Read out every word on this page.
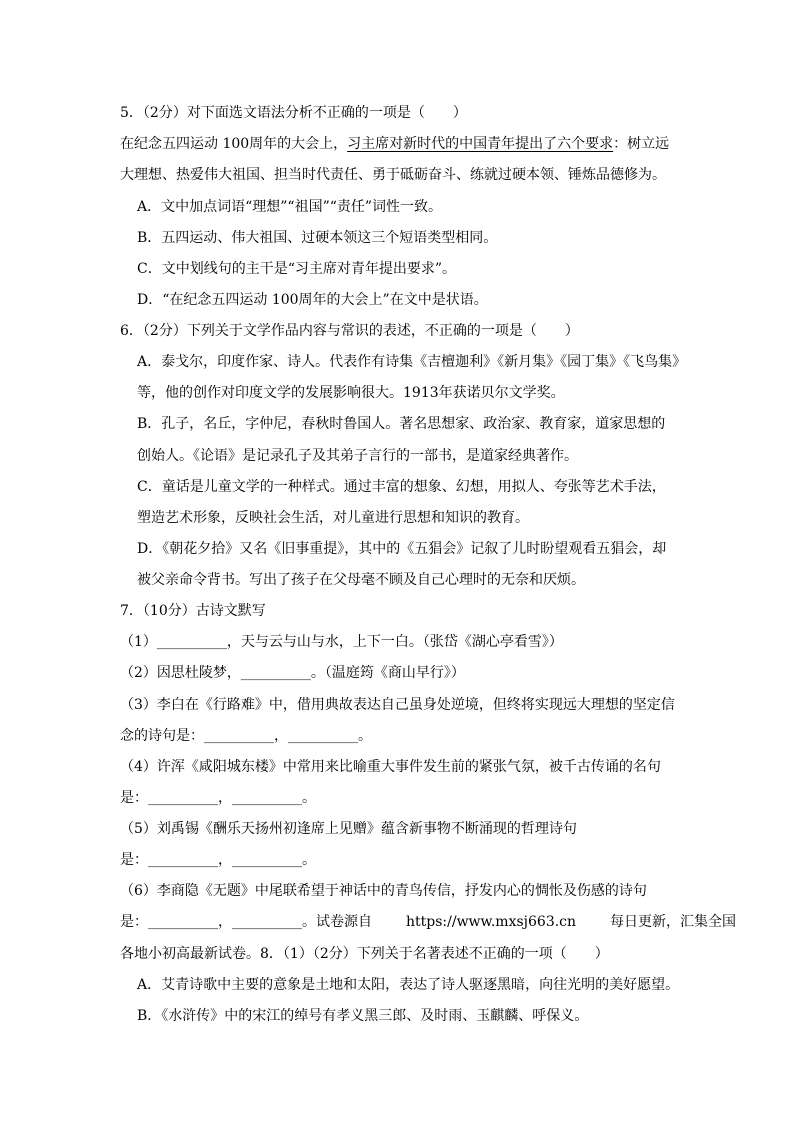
5．（2分）对下面选文语法分析不正确的一项是（　　）
在纪念五四运动 100周年的大会上，习主席对新时代的中国青年提出了六个要求：树立远
大理想、热爱伟大祖国、担当时代责任、勇于砥砺奋斗、练就过硬本领、锤炼品德修为。
A．文中加点词语“理想”“祖国”“责任”词性一致。
B．五四运动、伟大祖国、过硬本领这三个短语类型相同。
C．文中划线句的主干是“习主席对青年提出要求”。
D．“在纪念五四运动 100周年的大会上”在文中是状语。
6．（2分）下列关于文学作品内容与常识的表述，不正确的一项是（　　）
A．泰戈尔，印度作家、诗人。代表作有诗集《吉檀迦利》《新月集》《园丁集》《飞鸟集》
等，他的创作对印度文学的发展影响很大。1913年获诺贝尔文学奖。
B．孔子，名丘，字仲尼，春秋时鲁国人。著名思想家、政治家、教育家，道家思想的
创始人。《论语》是记录孔子及其弟子言行的一部书，是道家经典著作。
C．童话是儿童文学的一种样式。通过丰富的想象、幻想，用拟人、夸张等艺术手法，
塑造艺术形象，反映社会生活，对儿童进行思想和知识的教育。
D．《朝花夕拾》又名《旧事重提》，其中的《五猖会》记叙了儿时盼望观看五猖会，却
被父亲命令背书。写出了孩子在父母毫不顾及自己心理时的无奈和厌烦。
7．（10分）古诗文默写
（1）__________，天与云与山与水，上下一白。（张岱《湖心亭看雪》）
（2）因思杜陵梦，__________。（温庭筠《商山早行》）
（3）李白在《行路难》中，借用典故表达自己虽身处逆境，但终将实现远大理想的坚定信
念的诗句是：__________，__________。
（4）许浑《咸阳城东楼》中常用来比喻重大事件发生前的紧张气氛，被千古传诵的名句
是：__________，__________。
（5）刘禹锡《酬乐天扬州初逢席上见赠》蕴含新事物不断涌现的哲理诗句
是：__________，__________。
（6）李商隐《无题》中尾联希望于神话中的青鸟传信，抒发内心的惆怅及伤感的诗句
是：__________，__________。试卷源自 https://www.mxsj663.cn 每日更新，汇集全国
各地小初高最新试卷。8．（1）（2分）下列关于名著表述不正确的一项（　　）
A．艾青诗歌中主要的意象是土地和太阳，表达了诗人驱逐黑暗，向往光明的美好愿望。
B．《水浒传》中的宋江的绰号有孝义黑三郎、及时雨、玉麒麟、呼保义。
